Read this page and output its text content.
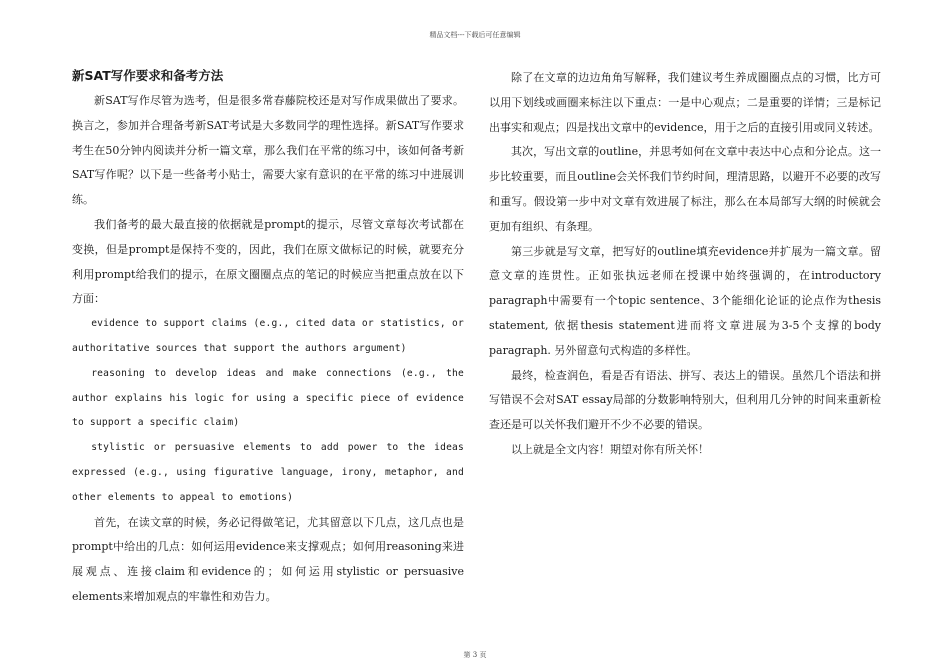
精品文档---下载后可任意编辑
新SAT写作要求和备考方法

新SAT写作尽管为选考，但是很多常春藤院校还是对写作成果做出了要求。换言之，参加并合理备考新SAT考试是大多数同学的理性选择。新SAT写作要求考生在50分钟内阅读并分析一篇文章，那么我们在平常的练习中，该如何备考新SAT写作呢？以下是一些备考小贴士，需要大家有意识的在平常的练习中进展训练。

我们备考的最大最直接的依据就是prompt的提示，尽管文章每次考试都在变换，但是prompt是保持不变的，因此，我们在原文做标记的时候，就要充分利用prompt给我们的提示，在原文圈圈点点的笔记的时候应当把重点放在以下方面：

evidence to support claims (e.g., cited data or statistics, or authoritative sources that support the authors argument)

reasoning to develop ideas and make connections (e.g., the author explains his logic for using a specific piece of evidence to support a specific claim)

stylistic or persuasive elements to add power to the ideas expressed (e.g., using figurative language, irony, metaphor, and other elements to appeal to emotions)

首先，在读文章的时候，务必记得做笔记，尤其留意以下几点，这几点也是prompt中给出的几点：如何运用evidence来支撑观点；如何用reasoning来进展观点、连接claim和evidence的；如何运用stylistic or persuasive elements来增加观点的牢靠性和劝告力。

除了在文章的边边角角写解释，我们建议考生养成圈圈点点的习惯，比方可以用下划线或画圈来标注以下重点：一是中心观点；二是重要的详情；三是标记出事实和观点；四是找出文章中的evidence，用于之后的直接引用或同义转述。

其次，写出文章的outline，并思考如何在文章中表达中心点和分论点。这一步比较重要，而且outline会关怀我们节约时间，理清思路，以避开不必要的改写和重写。假设第一步中对文章有效进展了标注，那么在本局部写大纲的时候就会更加有组织、有条理。

第三步就是写文章，把写好的outline填充evidence并扩展为一篇文章。留意文章的连贯性。正如张执远老师在授课中始终强调的，在introductory paragraph中需要有一个topic sentence、3个能细化论证的论点作为thesis statement, 依据thesis statement进而将文章进展为3-5个支撑的body paragraph. 另外留意句式构造的多样性。

最终，检查润色，看是否有语法、拼写、表达上的错误。虽然几个语法和拼写错误不会对SAT essay局部的分数影响特别大，但利用几分钟的时间来重新检查还是可以关怀我们避开不少不必要的错误。

以上就是全文内容！期望对你有所关怀！

第 3 页
